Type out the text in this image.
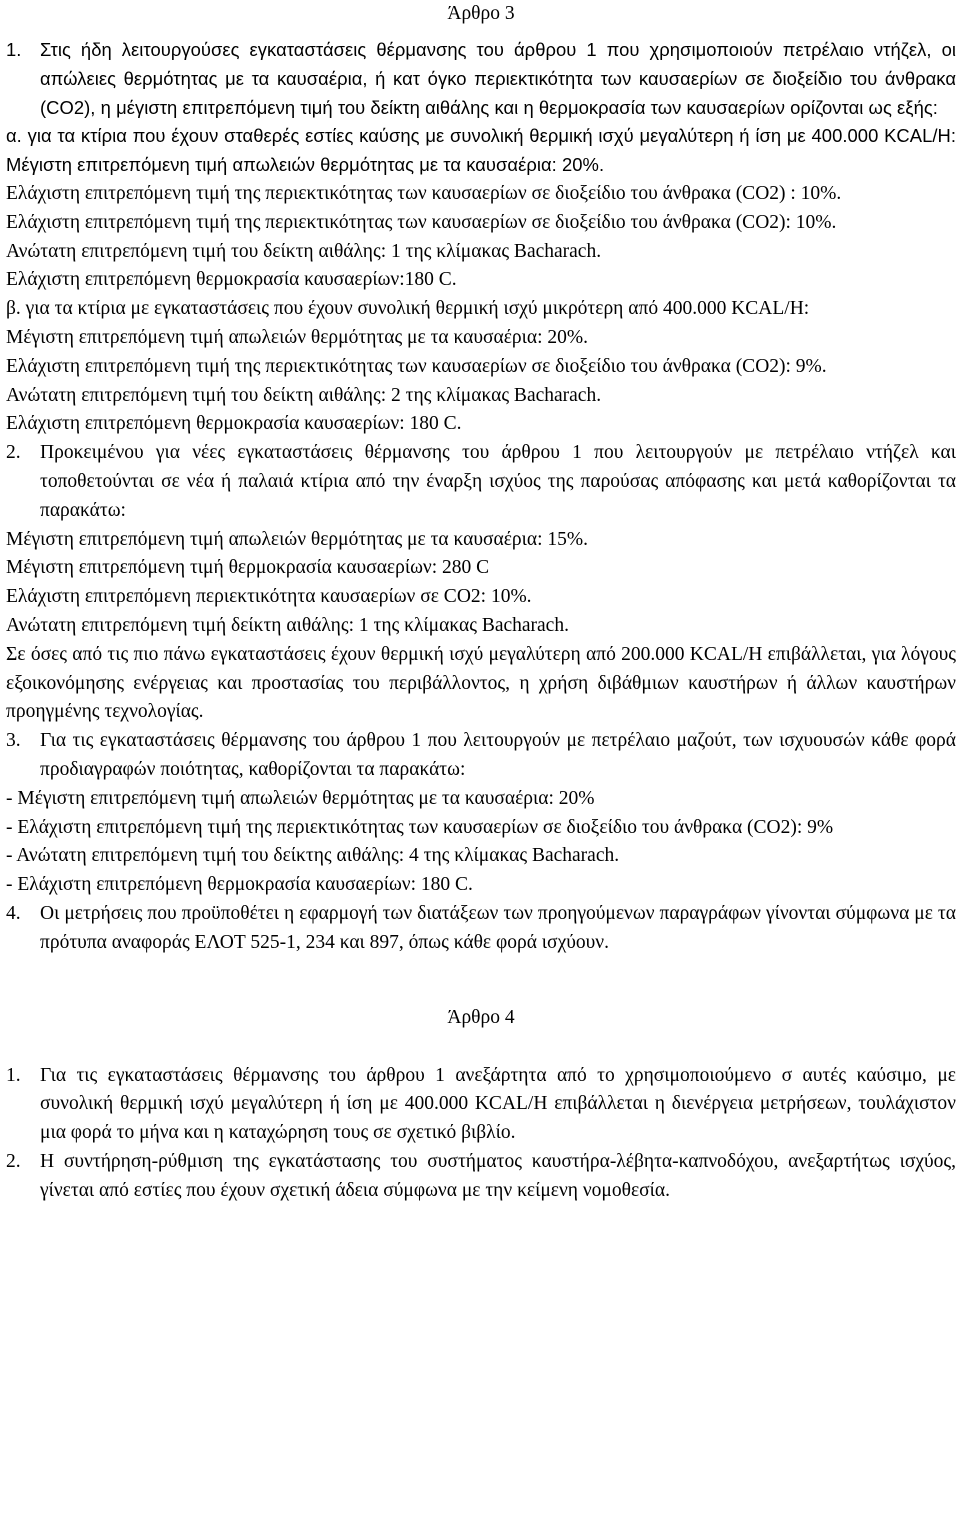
Άρθρο 3
1.	Στις ήδη λειτουργούσες εγκαταστάσεις θέρμανσης του άρθρου 1 που χρησιμοποιούν πετρέλαιο ντήζελ, οι απώλειες θερμότητας με τα καυσαέρια, ή κατ όγκο περιεκτικότητα των καυσαερίων σε διοξείδιο του άνθρακα (CO2), η μέγιστη επιτρεπόμενη τιμή του δείκτη αιθάλης και η θερμοκρασία των καυσαερίων ορίζονται ως εξής:
α. για τα κτίρια που έχουν σταθερές εστίες καύσης με συνολική θερμική ισχύ μεγαλύτερη ή ίση με 400.000 KCAL/H: Μέγιστη επιτρεπόμενη τιμή απωλειών θερμότητας με τα καυσαέρια: 20%.
Ελάχιστη επιτρεπόμενη τιμή της περιεκτικότητας των καυσαερίων σε διοξείδιο του άνθρακα (CO2) : 10%.
Ελάχιστη επιτρεπόμενη τιμή της περιεκτικότητας των καυσαερίων σε διοξείδιο του άνθρακα (CO2): 10%.
Ανώτατη επιτρεπόμενη τιμή του δείκτη αιθάλης: 1 της κλίμακας Bacharach.
Ελάχιστη επιτρεπόμενη θερμοκρασία καυσαερίων:180 C.
β. για τα κτίρια με εγκαταστάσεις που έχουν συνολική θερμική ισχύ μικρότερη από 400.000 KCAL/H:
Μέγιστη επιτρεπόμενη τιμή απωλειών θερμότητας με τα καυσαέρια: 20%.
Ελάχιστη επιτρεπόμενη τιμή της περιεκτικότητας των καυσαερίων σε διοξείδιο του άνθρακα (CO2): 9%.
Ανώτατη επιτρεπόμενη τιμή του δείκτη αιθάλης: 2 της κλίμακας Bacharach.
Ελάχιστη επιτρεπόμενη θερμοκρασία καυσαερίων: 180 C.
2. Προκειμένου για νέες εγκαταστάσεις θέρμανσης του άρθρου 1 που λειτουργούν με πετρέλαιο ντήζελ και τοποθετούνται σε νέα ή παλαιά κτίρια από την έναρξη ισχύος της παρούσας απόφασης και μετά καθορίζονται τα παρακάτω:
Μέγιστη επιτρεπόμενη τιμή απωλειών θερμότητας με τα καυσαέρια: 15%.
Μέγιστη επιτρεπόμενη τιμή θερμοκρασία καυσαερίων: 280 C
Ελάχιστη επιτρεπόμενη περιεκτικότητα καυσαερίων σε CO2: 10%.
Ανώτατη επιτρεπόμενη τιμή δείκτη αιθάλης: 1 της κλίμακας Bacharach.
Σε όσες από τις πιο πάνω εγκαταστάσεις έχουν θερμική ισχύ μεγαλύτερη από 200.000 KCAL/H επιβάλλεται, για λόγους εξοικονόμησης ενέργειας και προστασίας του περιβάλλοντος, η χρήση διβάθμιων καυστήρων ή άλλων καυστήρων προηγμένης τεχνολογίας.
3. Για τις εγκαταστάσεις θέρμανσης του άρθρου 1 που λειτουργούν με πετρέλαιο μαζούτ, των ισχυουσών κάθε φορά προδιαγραφών ποιότητας, καθορίζονται τα παρακάτω:
- Μέγιστη επιτρεπόμενη τιμή απωλειών θερμότητας με τα καυσαέρια: 20%
- Ελάχιστη επιτρεπόμενη τιμή της περιεκτικότητας των καυσαερίων σε διοξείδιο του άνθρακα (CO2): 9%
- Ανώτατη επιτρεπόμενη τιμή του δείκτης αιθάλης: 4 της κλίμακας Bacharach.
- Ελάχιστη επιτρεπόμενη θερμοκρασία καυσαερίων: 180 C.
4. Οι μετρήσεις που προϋποθέτει η εφαρμογή των διατάξεων των προηγούμενων παραγράφων γίνονται σύμφωνα με τα πρότυπα αναφοράς ΕΛΟΤ 525-1, 234 και 897, όπως κάθε φορά ισχύουν.
Άρθρο 4
1. Για τις εγκαταστάσεις θέρμανσης του άρθρου 1 ανεξάρτητα από το χρησιμοποιούμενο σ αυτές καύσιμο, με συνολική θερμική ισχύ μεγαλύτερη ή ίση με 400.000 KCAL/H επιβάλλεται η διενέργεια μετρήσεων, τουλάχιστον μια φορά το μήνα και η καταχώρηση τους σε σχετικό βιβλίο.
2. Η συντήρηση-ρύθμιση της εγκατάστασης του συστήματος καυστήρα-λέβητα-καπνοδόχου, ανεξαρτήτως ισχύος, γίνεται από εστίες που έχουν σχετική άδεια σύμφωνα με την κείμενη νομοθεσία.
